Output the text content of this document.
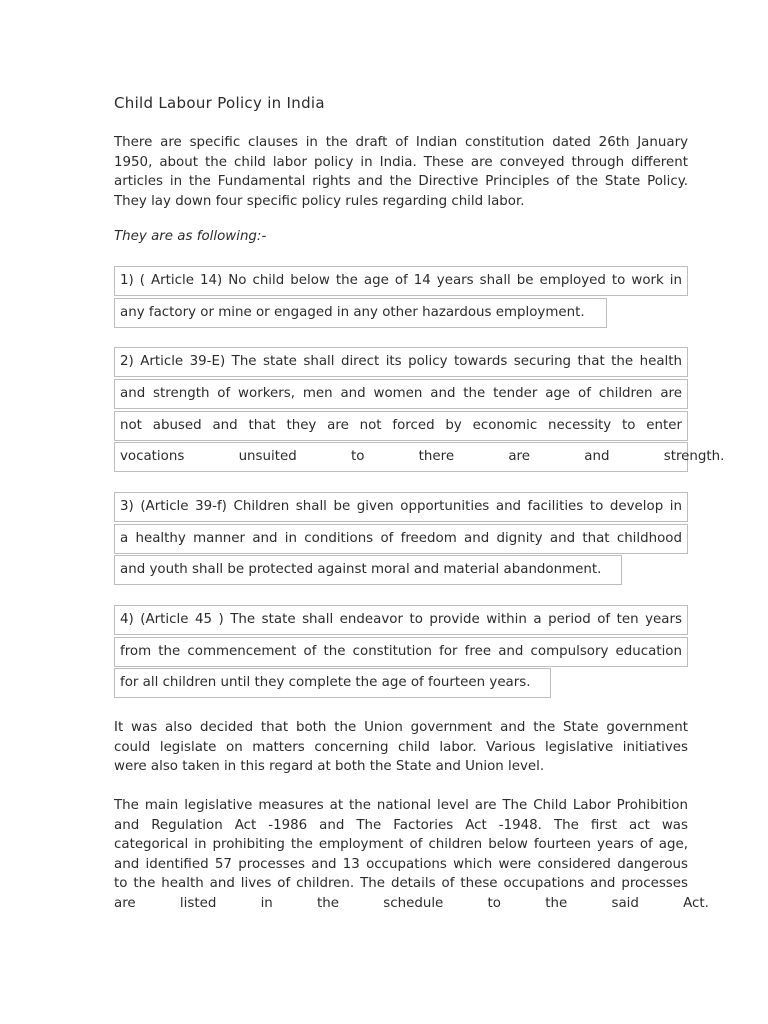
Child Labour Policy in India

There are specific clauses in the draft of Indian constitution dated 26th January
1950, about the child labor policy in India. These are conveyed through different
articles in the Fundamental rights and the Directive Principles of the State Policy.
They lay down four specific policy rules regarding child labor.

They are as following:-
1) ( Article 14) No child below the age of 14 years shall be employed to work in
any factory or mine or engaged in any other hazardous employment.
2) Article 39-E) The state shall direct its policy towards securing that the health
and strength of workers, men and women and the tender age of children are
not abused and that they are not forced by economic necessity to enter
vocations unsuited to there are and strength.
3) (Article 39-f) Children shall be given opportunities and facilities to develop in
a healthy manner and in conditions of freedom and dignity and that childhood
and youth shall be protected against moral and material abandonment.
4) (Article 45 ) The state shall endeavor to provide within a period of ten years
from the commencement of the constitution for free and compulsory education
for all children until they complete the age of fourteen years.

It was also decided that both the Union government and the State government
could legislate on matters concerning child labor. Various legislative initiatives
were also taken in this regard at both the State and Union level.

The main legislative measures at the national level are The Child Labor Prohibition
and Regulation Act -1986 and The Factories Act -1948. The first act was
categorical in prohibiting the employment of children below fourteen years of age,
and identified 57 processes and 13 occupations which were considered dangerous
to the health and lives of children. The details of these occupations and processes
are listed in the schedule to the said Act.
